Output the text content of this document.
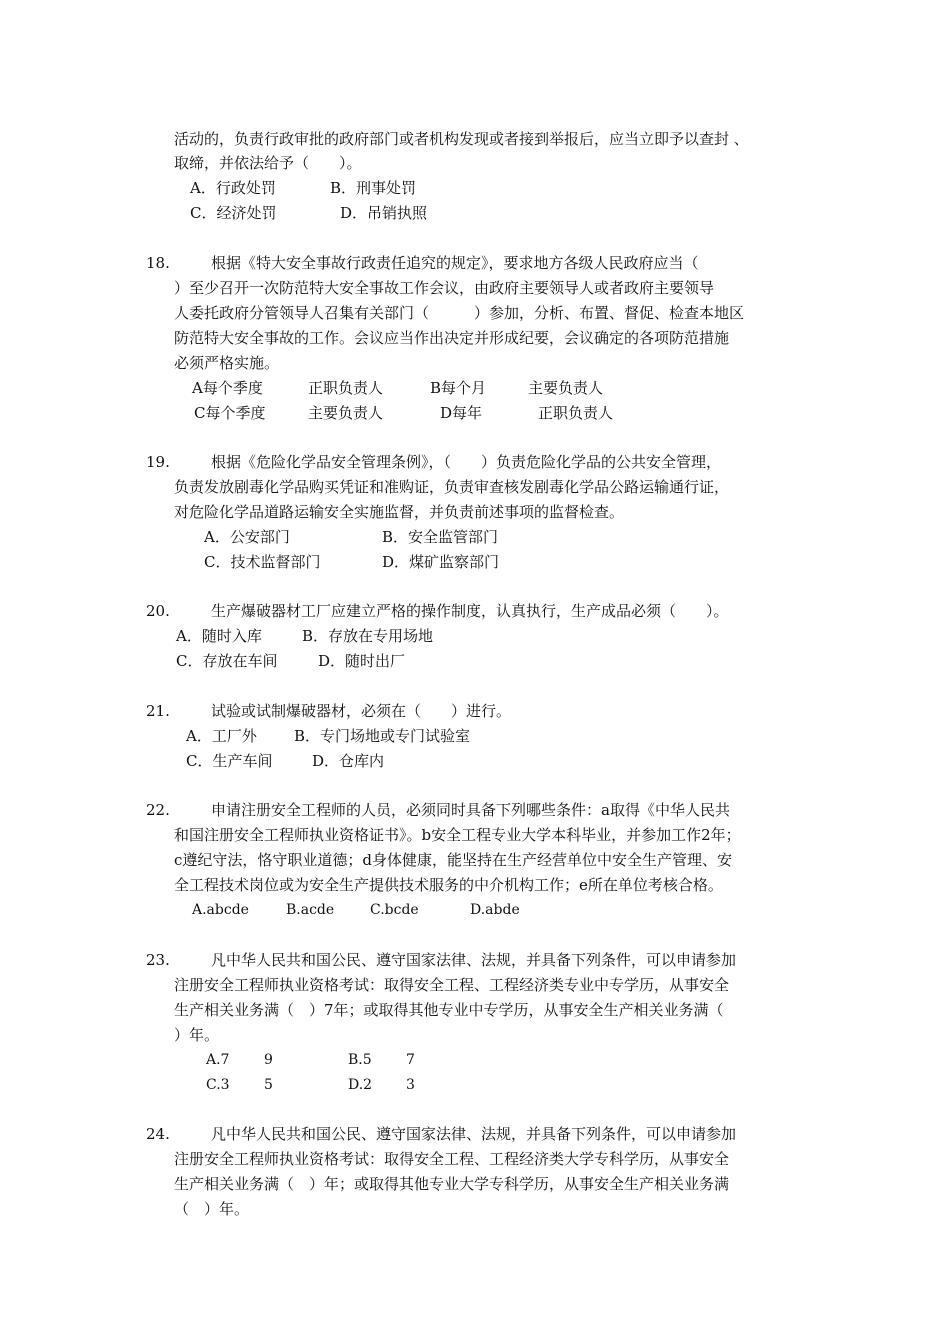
活动的，负责行政审批的政府部门或者机构发现或者接到举报后，应当立即予以查封 、
取缔，并依法给予（　　）。
A．行政处罚	B．刑事处罚
C．经济处罚	D．吊销执照
18.	根据《特大安全事故行政责任追究的规定》，要求地方各级人民政府应当（
）至少召开一次防范特大安全事故工作会议，由政府主要领导人或者政府主要领导
人委托政府分管领导人召集有关部门（　　　）参加，分析、布置、督促、检查本地区
防范特大安全事故的工作。会议应当作出决定并形成纪要，会议确定的各项防范措施
必须严格实施。
A每个季度	正职负责人	B每个月	主要负责人
C每个季度	主要负责人	D每年	正职负责人
19.	根据《危险化学品安全管理条例》，（　　）负责危险化学品的公共安全管理，
负责发放剧毒化学品购买凭证和准购证，负责审查核发剧毒化学品公路运输通行证，
对危险化学品道路运输安全实施监督，并负责前述事项的监督检查。
A．公安部门	B．安全监管部门
C．技术监督部门	D．煤矿监察部门
20.	生产爆破器材工厂应建立严格的操作制度，认真执行，生产成品必须（　　）。
A．随时入库	B．存放在专用场地
C．存放在车间	D．随时出厂
21.	试验或试制爆破器材，必须在（　　）进行。
A．工厂外 B．专门场地或专门试验室
C．生产车间	D．仓库内
22.	申请注册安全工程师的人员，必须同时具备下列哪些条件：a取得《中华人民共
和国注册安全工程师执业资格证书》。b安全工程专业大学本科毕业，并参加工作2年；
c遵纪守法，恪守职业道德；d身体健康，能坚持在生产经营单位中安全生产管理、安
全工程技术岗位或为安全生产提供技术服务的中介机构工作；e所在单位考核合格。
A.abcde	B.acde	C.bcde	D.abde
23.	凡中华人民共和国公民、遵守国家法律、法规，并具备下列条件，可以申请参加
注册安全工程师执业资格考试：取得安全工程、工程经济类专业中专学历，从事安全
生产相关业务满（　）7年；或取得其他专业中专学历，从事安全生产相关业务满（
）年。
A.7 9	B.5 7
C.3 5	D.2 3
24.	凡中华人民共和国公民、遵守国家法律、法规，并具备下列条件，可以申请参加
注册安全工程师执业资格考试：取得安全工程、工程经济类大学专科学历，从事安全
生产相关业务满（　）年；或取得其他专业大学专科学历，从事安全生产相关业务满
（　）年。
